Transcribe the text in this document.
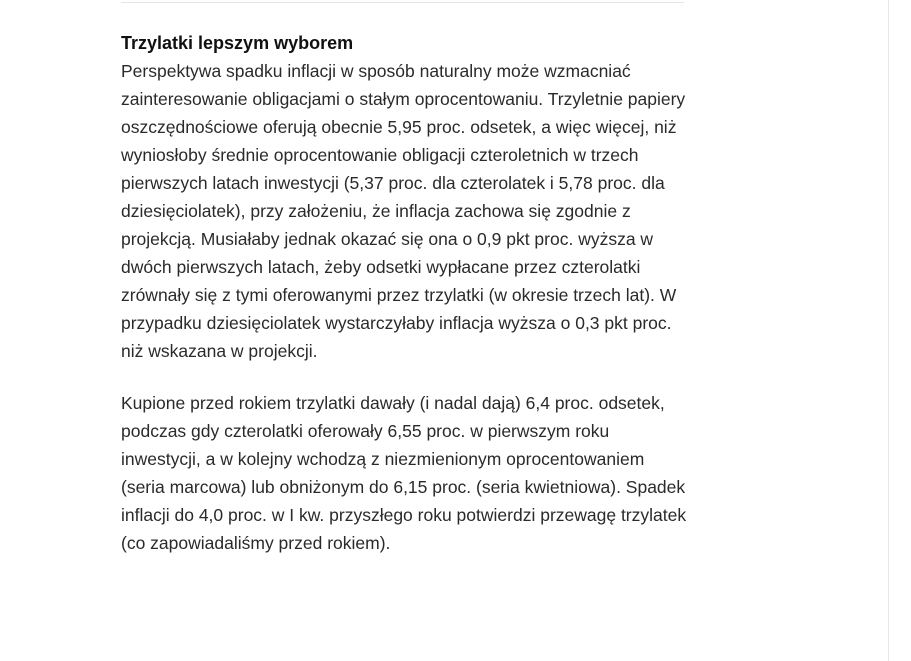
Trzylatki lepszym wyborem

Perspektywa spadku inflacji w sposób naturalny może wzmacniać zainteresowanie obligacjami o stałym oprocentowaniu. Trzyletnie papiery oszczędnościowe oferują obecnie 5,95 proc. odsetek, a więc więcej, niż wyniosłoby średnie oprocentowanie obligacji czteroletnich w trzech pierwszych latach inwestycji (5,37 proc. dla czterolatek i 5,78 proc. dla dziesięciolatek), przy założeniu, że inflacja zachowa się zgodnie z projekcją. Musiałaby jednak okazać się ona o 0,9 pkt proc. wyższa w dwóch pierwszych latach, żeby odsetki wypłacane przez czterolatki zrównały się z tymi oferowanymi przez trzylatki (w okresie trzech lat). W przypadku dziesięciolatek wystarczyłaby inflacja wyższa o 0,3 pkt proc. niż wskazana w projekcji.

Kupione przed rokiem trzylatki dawały (i nadal dają) 6,4 proc. odsetek, podczas gdy czterolatki oferowały 6,55 proc. w pierwszym roku inwestycji, a w kolejny wchodzą z niezmienionym oprocentowaniem (seria marcowa) lub obniżonym do 6,15 proc. (seria kwietniowa). Spadek inflacji do 4,0 proc. w I kw. przyszłego roku potwierdzi przewagę trzylatek (co zapowiadaliśmy przed rokiem).
